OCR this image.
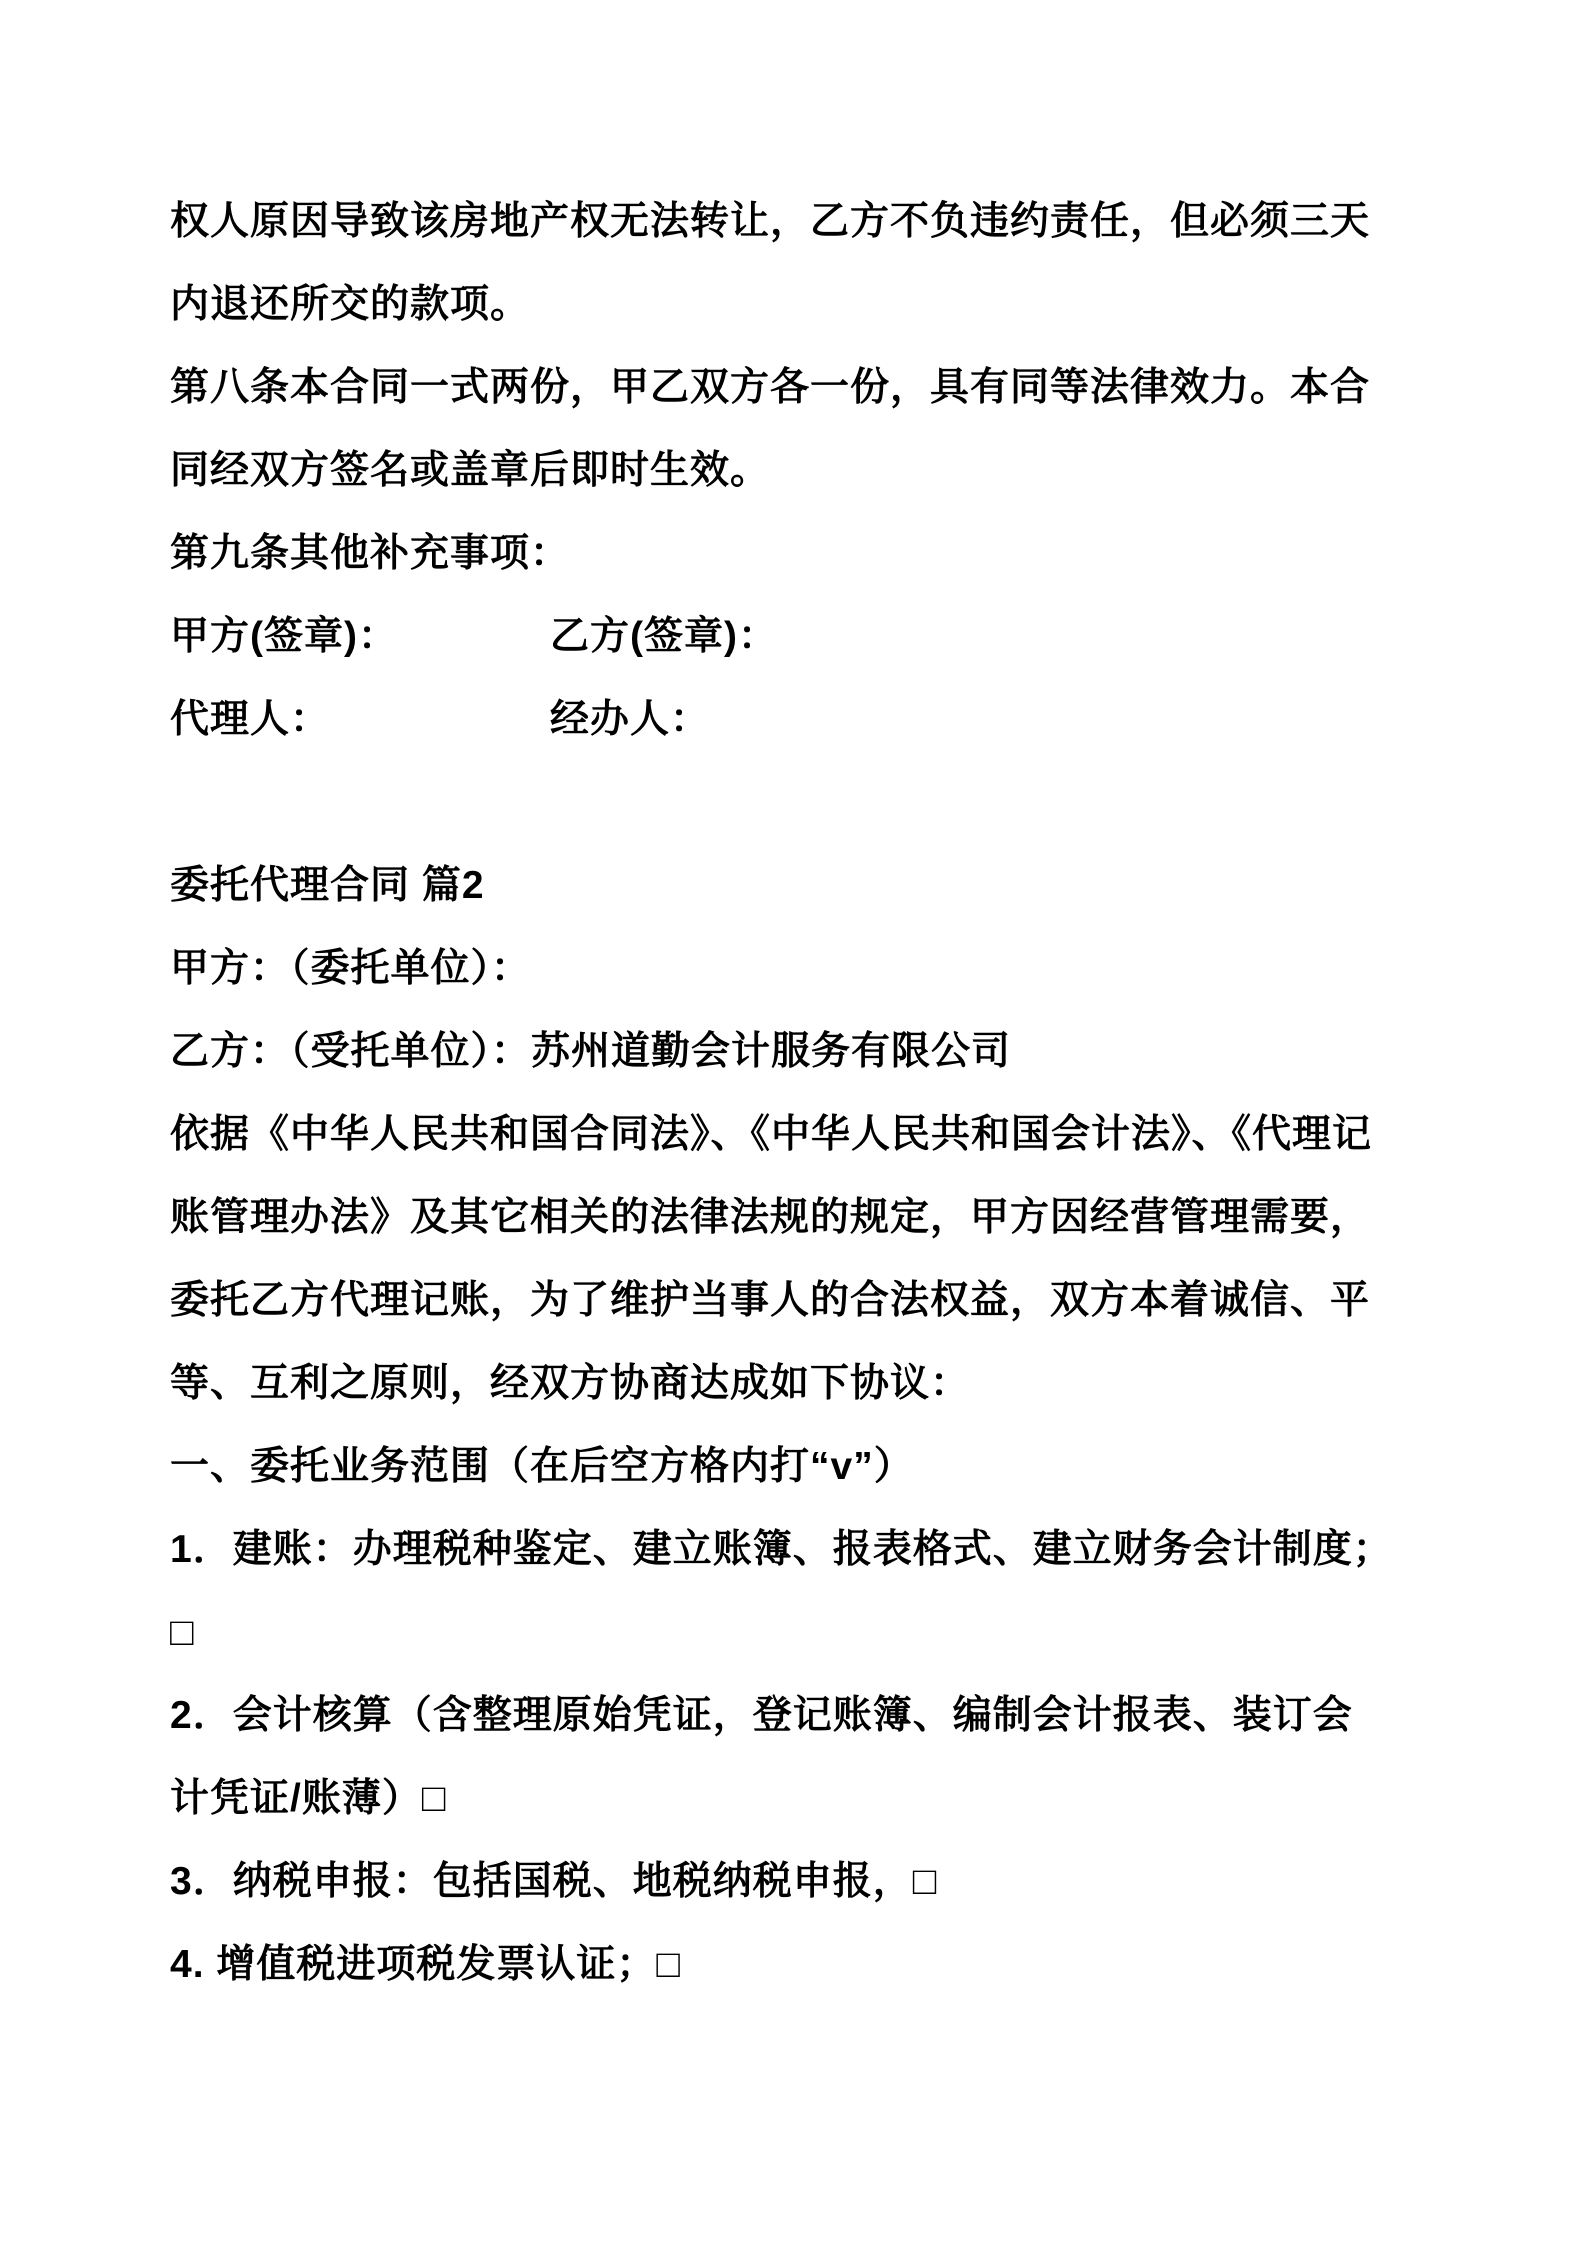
权人原因导致该房地产权无法转让，乙方不负违约责任，但必须三天
内退还所交的款项。
第八条本合同一式两份，甲乙双方各一份，具有同等法律效力。本合
同经双方签名或盖章后即时生效。
第九条其他补充事项：
甲方(签章)：	乙方(签章)：
代理人：	经办人：
委托代理合同 篇2
甲方：（委托单位）：
乙方：（受托单位）：苏州道勤会计服务有限公司
依据《中华人民共和国合同法》、《中华人民共和国会计法》、《代理记
账管理办法》及其它相关的法律法规的规定，甲方因经营管理需要，
委托乙方代理记账，为了维护当事人的合法权益，双方本着诚信、平
等、互利之原则，经双方协商达成如下协议：
一、委托业务范围（在后空方格内打“v”）
1．建账：办理税种鉴定、建立账簿、报表格式、建立财务会计制度；
□
2．会计核算（含整理原始凭证，登记账簿、编制会计报表、装订会
计凭证/账薄）□
3．纳税申报：包括国税、地税纳税申报，□
4. 增值税进项税发票认证；□
